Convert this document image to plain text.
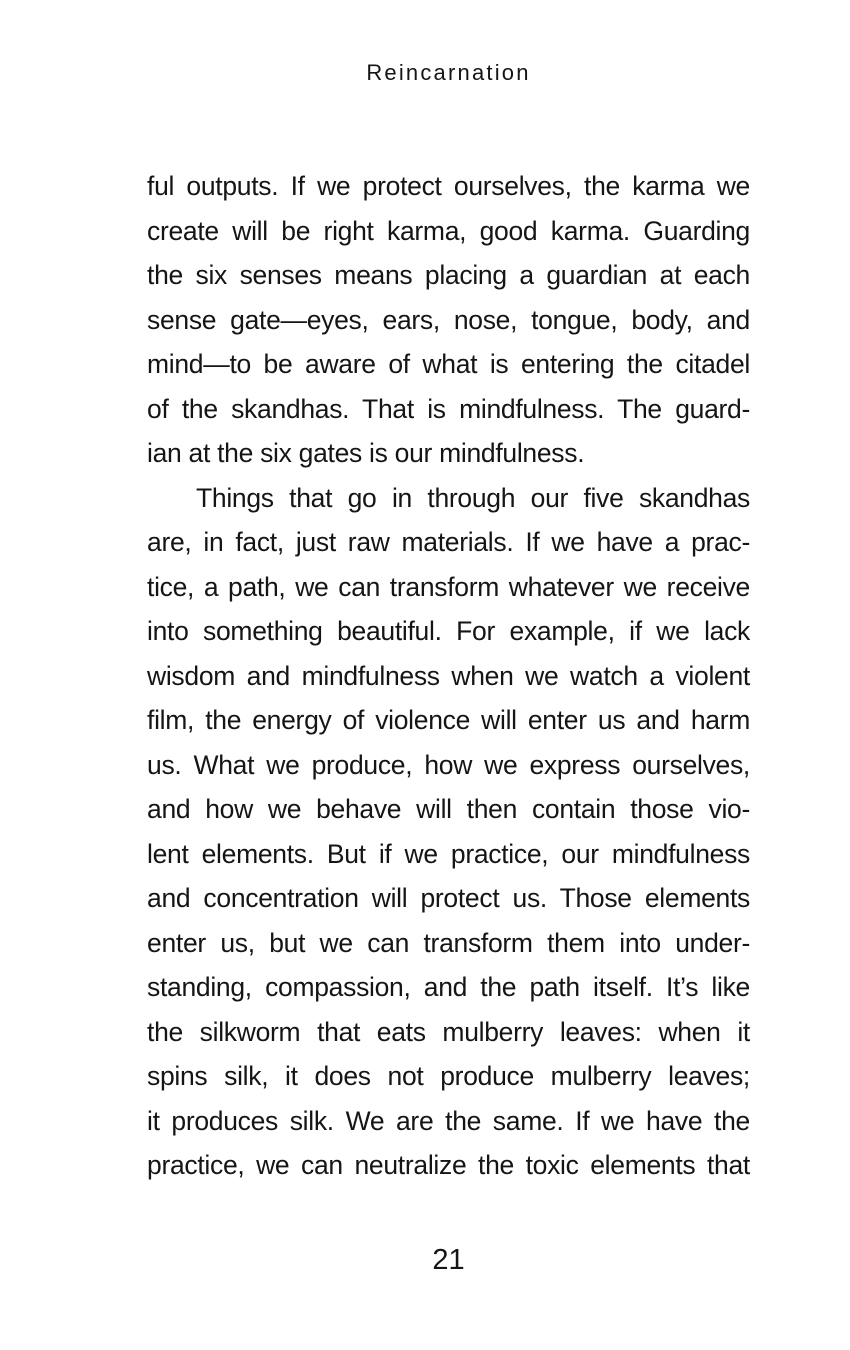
Reincarnation
ful outputs. If we protect ourselves, the karma we
create will be right karma, good karma. Guarding
the six senses means placing a guardian at each
sense gate—eyes, ears, nose, tongue, body, and
mind—to be aware of what is entering the citadel
of the skandhas. That is mindfulness. The guard-
ian at the six gates is our mindfulness.
Things that go in through our five skandhas
are, in fact, just raw materials. If we have a prac-
tice, a path, we can transform whatever we receive
into something beautiful. For example, if we lack
wisdom and mindfulness when we watch a violent
film, the energy of violence will enter us and harm
us. What we produce, how we express ourselves,
and how we behave will then contain those vio-
lent elements. But if we practice, our mindfulness
and concentration will protect us. Those elements
enter us, but we can transform them into under-
standing, compassion, and the path itself. It’s like
the silkworm that eats mulberry leaves: when it
spins silk, it does not produce mulberry leaves;
it produces silk. We are the same. If we have the
practice, we can neutralize the toxic elements that
21
